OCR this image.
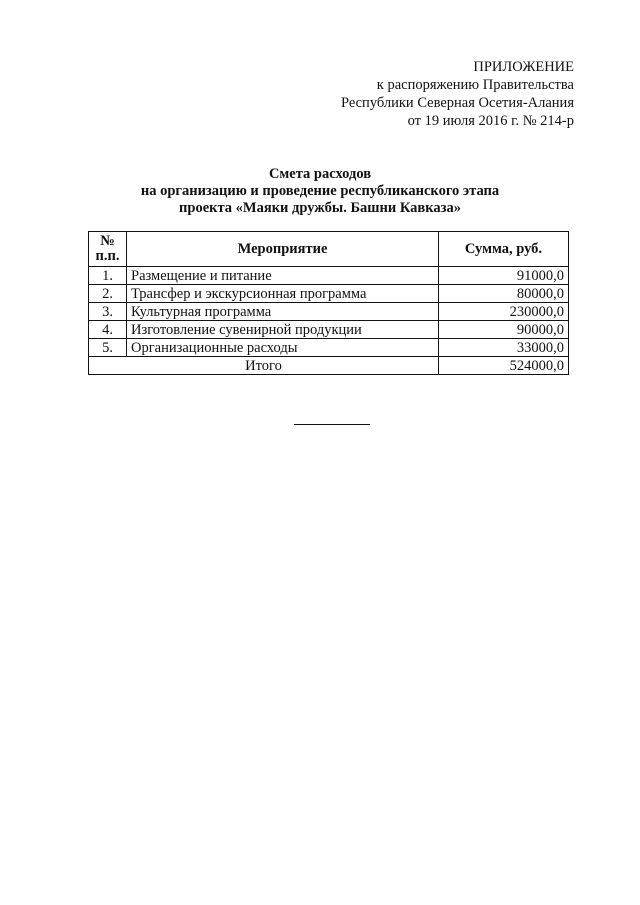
ПРИЛОЖЕНИЕ
к распоряжению Правительства
Республики Северная Осетия-Алания
от 19 июля 2016 г. № 214-р
Смета расходов
на организацию и проведение республиканского этапа
проекта «Маяки дружбы. Башни Кавказа»
№
п.п.	Мероприятие	Сумма, руб.
1.	Размещение и питание	91000,0
2.	Трансфер и экскурсионная программа	80000,0
3.	Культурная программа	230000,0
4.	Изготовление сувенирной продукции	90000,0
5.	Организационные расходы	33000,0
Итого		524000,0
